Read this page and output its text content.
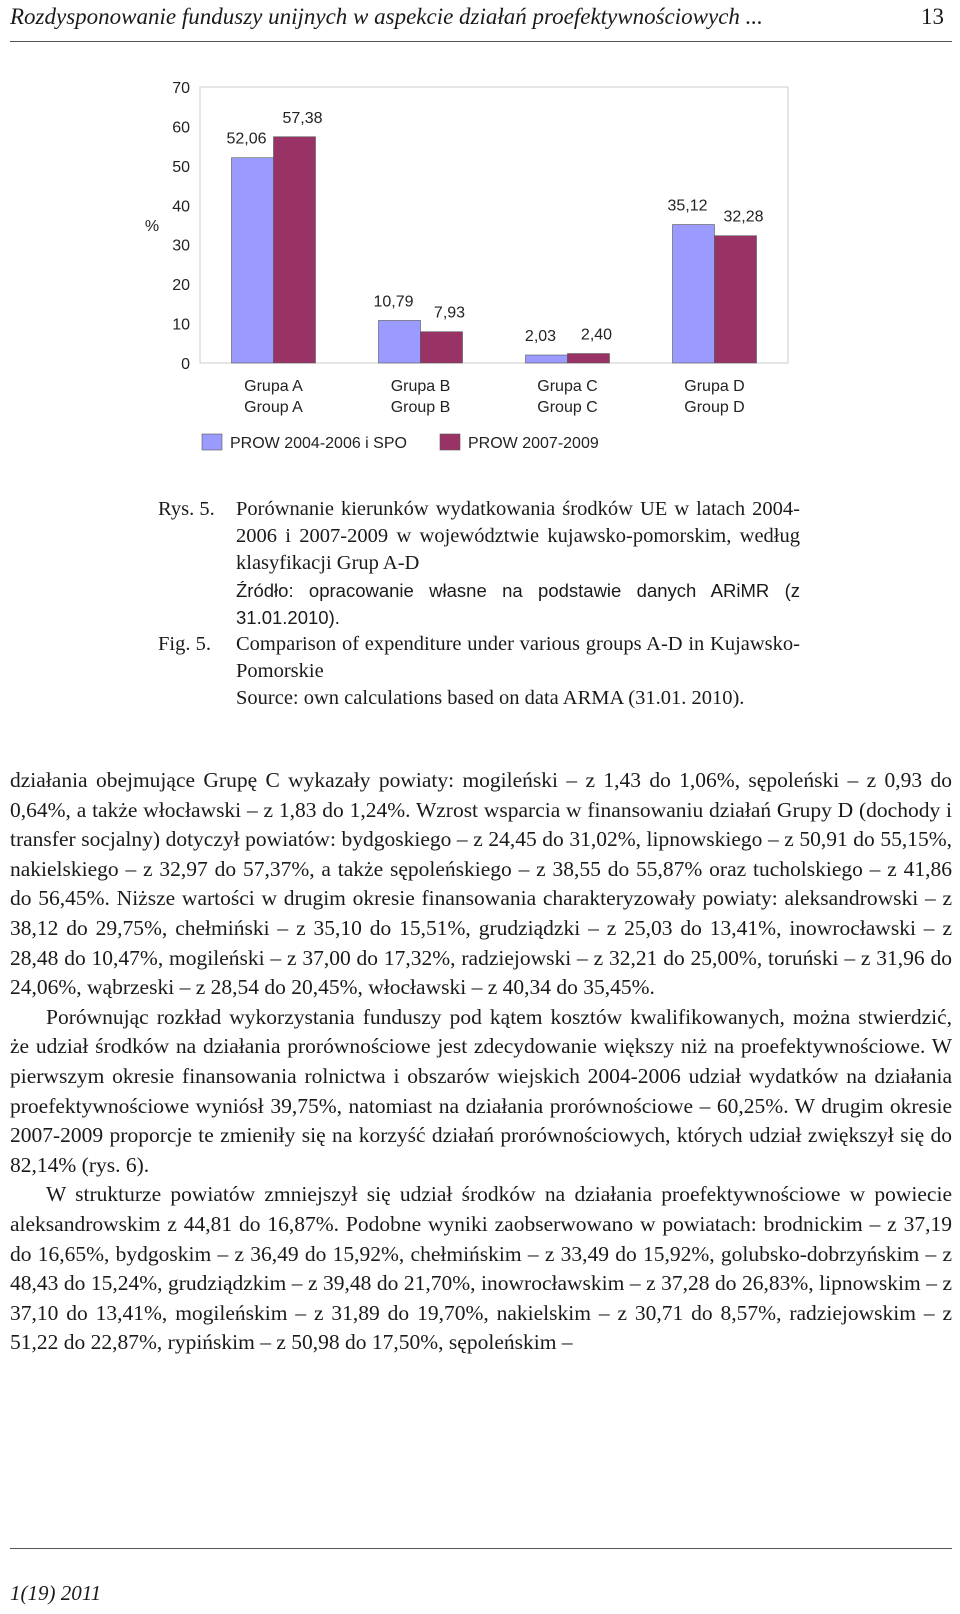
Rozdysponowanie funduszy unijnych w aspekcie działań proefektywnościowych ...	13
0
10
20
30
40
50
60
70
%
Grupa A
Group A
Grupa B
Group B
Grupa C
Group C
Grupa D
Group D
52,06
57,38
10,79
7,93
2,03 2,40
35,12
32,28
PROW 2004-2006 i SPO	PROW 2007-2009
Rys. 5.	Porównanie kierunków wydatkowania środków UE w latach 2004-2006 i 2007-2009 w województwie kujawsko-pomorskim, według klasyfikacji Grup A-D

Źródło: opracowanie własne na podstawie danych ARiMR (z 31.01.2010).

Fig. 5.	Comparison of expenditure under various groups A-D in Kujawsko-Pomorskie

Source: own calculations based on data ARMA (31.01. 2010).

działania obejmujące Grupę C wykazały powiaty: mogileński – z 1,43 do 1,06%, sępoleński – z 0,93 do 0,64%, a także włocławski – z 1,83 do 1,24%. Wzrost wsparcia w finansowaniu działań Grupy D (dochody i transfer socjalny) dotyczył powiatów: bydgoskiego – z 24,45 do 31,02%, lipnowskiego – z 50,91 do 55,15%, nakielskiego – z 32,97 do 57,37%, a także sępoleńskiego – z 38,55 do 55,87% oraz tucholskiego – z 41,86 do 56,45%. Niższe wartości w drugim okresie finansowania charakteryzowały powiaty: aleksandrowski – z 38,12 do 29,75%, chełmiński – z 35,10 do 15,51%, grudziądzki – z 25,03 do 13,41%, inowrocławski – z 28,48 do 10,47%, mogileński – z 37,00 do 17,32%, radziejowski – z 32,21 do 25,00%, toruński – z 31,96 do 24,06%, wąbrzeski – z 28,54 do 20,45%, włocławski – z 40,34 do 35,45%.

Porównując rozkład wykorzystania funduszy pod kątem kosztów kwalifikowanych, można stwierdzić, że udział środków na działania prorównościowe jest zdecydowanie większy niż na proefektywnościowe. W pierwszym okresie finansowania rolnictwa i obszarów wiejskich 2004-2006 udział wydatków na działania proefektywnościowe wyniósł 39,75%, natomiast na działania prorównościowe – 60,25%. W drugim okresie 2007-2009 proporcje te zmieniły się na korzyść działań prorównościowych, których udział zwiększył się do 82,14% (rys. 6).

W strukturze powiatów zmniejszył się udział środków na działania proefektywnościowe w powiecie aleksandrowskim z 44,81 do 16,87%. Podobne wyniki zaobserwowano w powiatach: brodnickim – z 37,19 do 16,65%, bydgoskim – z 36,49 do 15,92%, chełmińskim – z 33,49 do 15,92%, golubsko-dobrzyńskim – z 48,43 do 15,24%, grudziądzkim – z 39,48 do 21,70%, inowrocławskim – z 37,28 do 26,83%, lipnowskim – z 37,10 do 13,41%, mogileńskim – z 31,89 do 19,70%, nakielskim – z 30,71 do 8,57%, radziejowskim – z 51,22 do 22,87%, rypińskim – z 50,98 do 17,50%, sępoleńskim –

1(19) 2011
